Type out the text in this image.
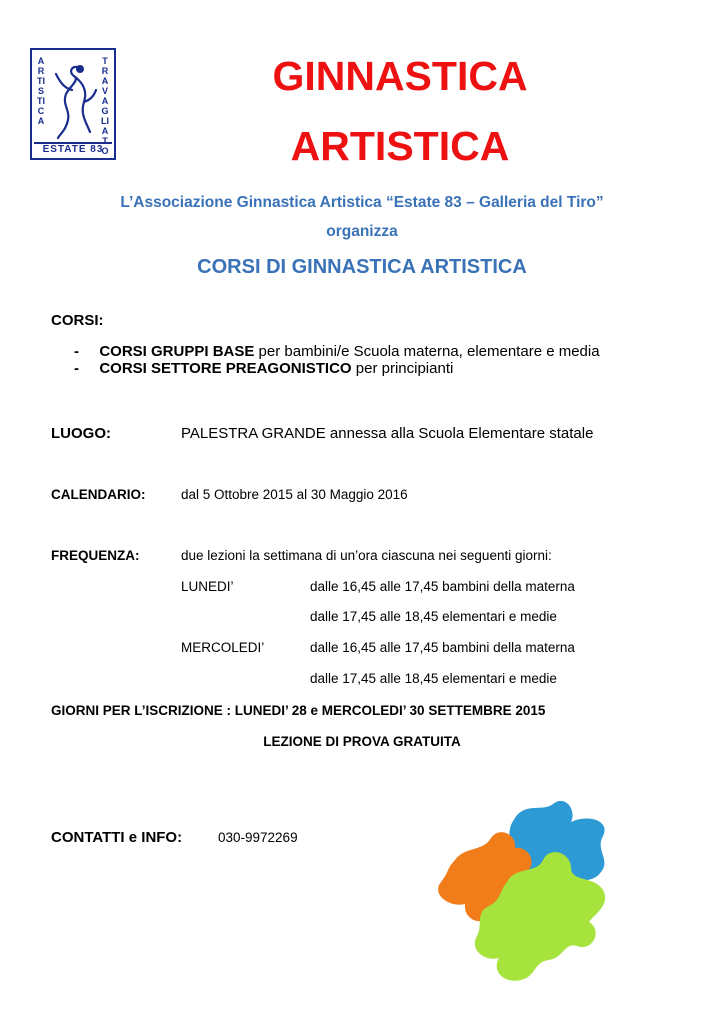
ARTISTICA
TRAVAGLIATO
ESTATE 83
GINNASTICA
ARTISTICA
L’Associazione Ginnastica Artistica “Estate 83 – Galleria del Tiro”
organizza
CORSI DI GINNASTICA ARTISTICA
CORSI:
- CORSI GRUPPI BASE per bambini/e Scuola materna, elementare e media
- CORSI SETTORE PREAGONISTICO per principianti
LUOGO:	PALESTRA GRANDE annessa alla Scuola Elementare statale
CALENDARIO:	dal 5 Ottobre 2015 al 30 Maggio 2016
FREQUENZA:	due lezioni la settimana di un’ora ciascuna nei seguenti giorni:
LUNEDI’	dalle 16,45 alle 17,45 bambini della materna
dalle 17,45 alle 18,45 elementari e medie
MERCOLEDI’	dalle 16,45 alle 17,45 bambini della materna
dalle 17,45 alle 18,45 elementari e medie
GIORNI PER L’ISCRIZIONE : LUNEDI’ 28 e MERCOLEDI’ 30 SETTEMBRE 2015
LEZIONE DI PROVA GRATUITA
CONTATTI e INFO:	030-9972269
